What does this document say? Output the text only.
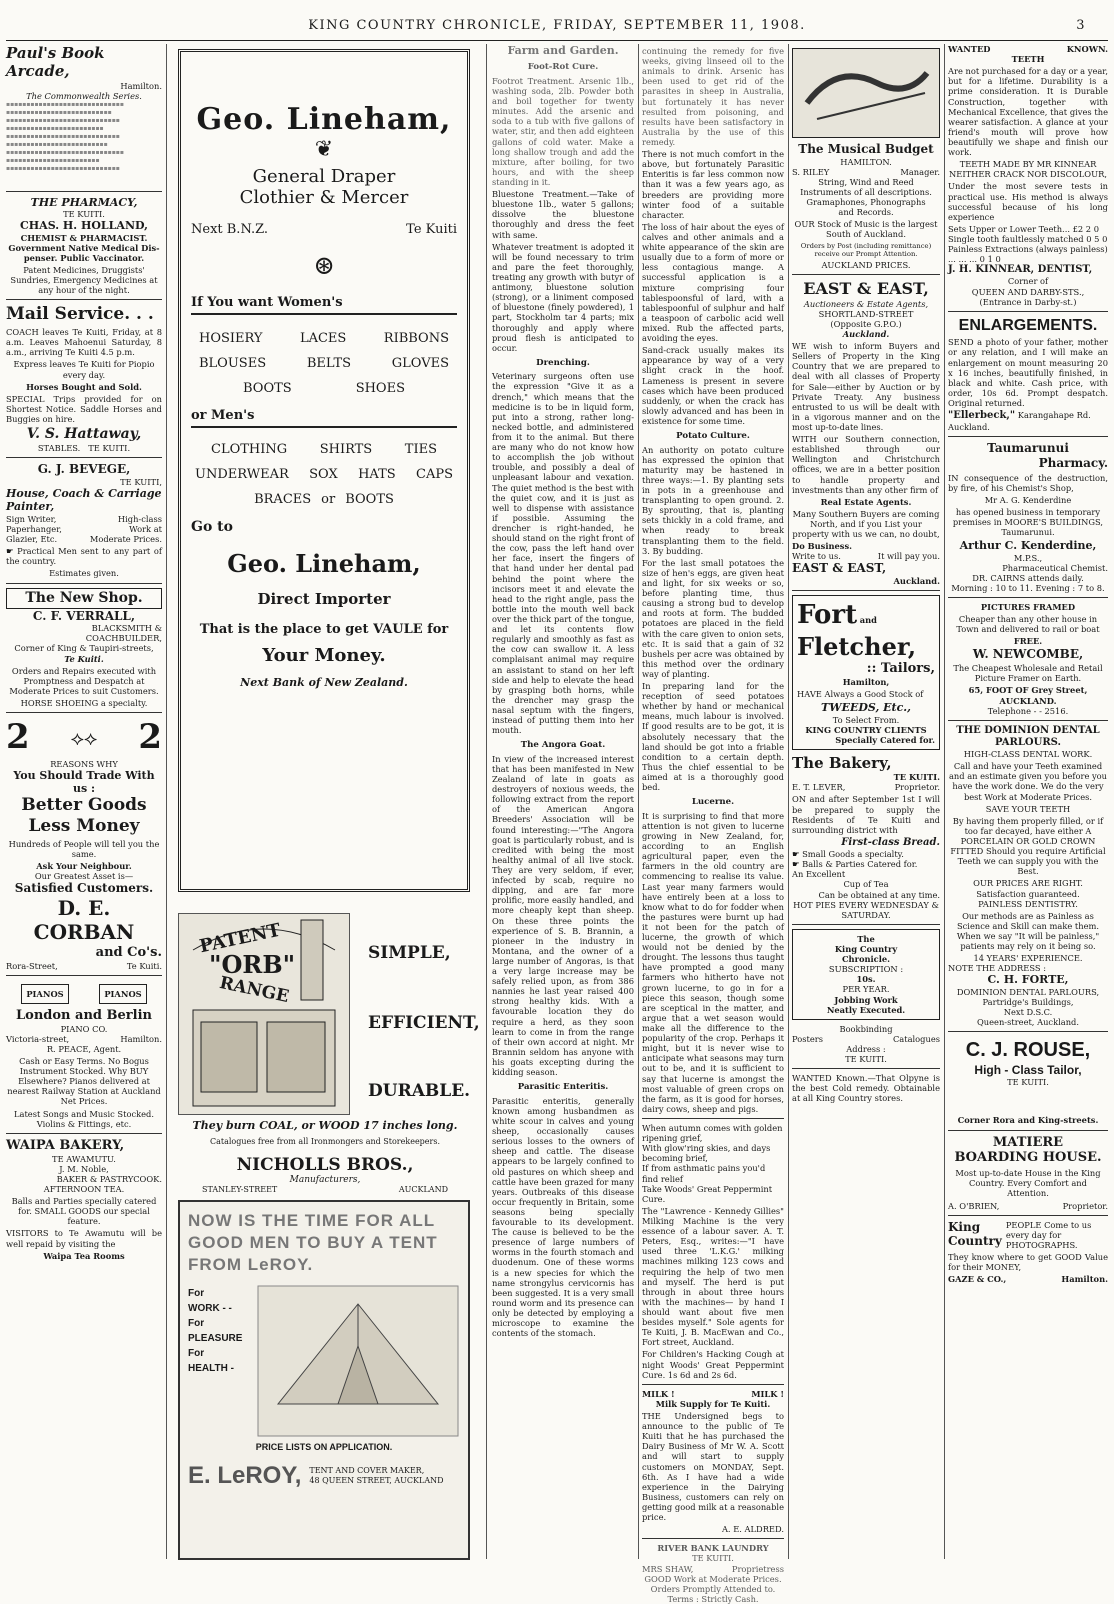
KING COUNTRY CHRONICLE, FRIDAY, SEPTEMBER 11, 1908.	3
Paul's Book Arcade,
Hamilton.
The Commonwealth Series.
▪▪▪▪▪▪▪▪▪▪▪▪▪▪▪▪▪▪▪▪▪▪▪▪▪▪▪▪▪
▪▪▪▪▪▪▪▪▪▪▪▪▪▪▪▪▪▪▪▪▪▪▪▪▪▪
▪▪▪▪▪▪▪▪▪▪▪▪▪▪▪▪▪▪▪▪▪▪▪▪▪▪▪▪
▪▪▪▪▪▪▪▪▪▪▪▪▪▪▪▪▪▪▪▪▪▪▪▪
▪▪▪▪▪▪▪▪▪▪▪▪▪▪▪▪▪▪▪▪▪▪▪▪▪▪▪▪
▪▪▪▪▪▪▪▪▪▪▪▪▪▪▪▪▪▪▪▪▪▪▪▪▪
▪▪▪▪▪▪▪▪▪▪▪▪▪▪▪▪▪▪▪▪▪▪▪▪▪▪▪▪▪
▪▪▪▪▪▪▪▪▪▪▪▪▪▪▪▪▪▪▪▪▪▪▪
▪▪▪▪▪▪▪▪▪▪▪▪▪▪▪▪▪▪▪▪▪▪▪▪▪▪▪▪
THE PHARMACY,
TE KUITI.
CHAS. H. HOLLAND,
CHEMIST & PHARMACIST.
Government Native Medical Dis-
penser. Public Vaccinator.

Patent Medicines, Druggists' Sundries, Emergency Medicines at any hour of the night.

Mail Service. . .

COACH leaves Te Kuiti, Friday, at 8 a.m. Leaves Mahoenui Saturday, 8 a.m., arriving Te Kuiti 4.5 p.m.

Express leaves Te Kuiti for Piopio every day.

Horses Bought and Sold.

SPECIAL Trips provided for on Shortest Notice. Saddle Horses and Buggies on hire.

V. S. Hattaway,
STABLES. TE KUITI.
G. J. BEVEGE,
TE KUITI,
House, Coach & Carriage Painter,
Sign Writer,	High-class
Paperhanger,	Work at
Glazier, Etc.	Moderate Prices.

☛ Practical Men sent to any part of the country.

Estimates given.
The New Shop.
C. F. VERRALL,
BLACKSMITH &
COACHBUILDER,
Corner of King & Taupiri-streets,
Te Kuiti.

Orders and Repairs executed with Promptness and Despatch at Moderate Prices to suit Customers.

HORSE SHOEING a specialty.
2 ⟡⟡ 2
REASONS WHY
You Should Trade With us :
Better Goods
Less Money

Hundreds of People will tell you the same.

Ask Your Neighbour.
Our Greatest Asset is—
Satisfied Customers.
D. E. CORBAN
and Co's.
Rora-Street,	Te Kuiti.
PIANOS	PIANOS
London and Berlin
PIANO CO.
Victoria-street,	Hamilton.
R. PEACE, Agent.

Cash or Easy Terms. No Bogus Instrument Stocked. Why BUY Elsewhere? Pianos delivered at nearest Railway Station at Auckland Net Prices.

Latest Songs and Music Stocked. Violins & Fittings, etc.

WAIPA BAKERY,
TE AWAMUTU.
J. M. Noble,
BAKER & PASTRYCOOK.
AFTERNOON TEA.

Balls and Parties specially catered for. SMALL GOODS our special feature.

VISITORS to Te Awamutu will be well repaid by visiting the

Waipa Tea Rooms
Geo. Lineham,
❦
General Draper
Clothier & Mercer
Next B.N.Z.	Te Kuiti
⊛
If You want Women's
HOSIERY	LACES	RIBBONS
BLOUSES	BELTS	GLOVES
BOOTS	SHOES
or Men's
CLOTHING	SHIRTS	TIES
UNDERWEAR SOX HATS CAPS
BRACES or BOOTS
Go to
Geo. Lineham,
Direct Importer
That is the place to get VAULE for
Your Money.
Next Bank of New Zealand.
PATENT
"ORB"
RANGE
SIMPLE,
EFFICIENT,
DURABLE.
They burn COAL, or WOOD 17 inches long.
Catalogues free from all Ironmongers and Storekeepers.
NICHOLLS BROS.,
Manufacturers,
STANLEY-STREET	AUCKLAND
NOW IS THE TIME FOR ALL GOOD MEN TO BUY A TENT FROM LeROY.
For
WORK - -
For
PLEASURE
For
HEALTH -
PRICE LISTS ON APPLICATION.
E. LeROY, TENT AND COVER MAKER,
48 QUEEN STREET, AUCKLAND
Farm and Garden.
Foot-Rot Cure.

Footrot Treatment. Arsenic 1lb., washing soda, 2lb. Powder both and boil together for twenty minutes. Add the arsenic and soda to a tub with five gallons of water, stir, and then add eighteen gallons of cold water. Make a long shallow trough and add the mixture, after boiling, for two hours, and with the sheep standing in it.

Bluestone Treatment.—Take of bluestone 1lb., water 5 gallons; dissolve the bluestone thoroughly and dress the feet with same.

Whatever treatment is adopted it will be found necessary to trim and pare the feet thoroughly, treating any growth with butyr of antimony, bluestone solution (strong), or a liniment composed of bluestone (finely powdered), 1 part, Stockholm tar 4 parts; mix thoroughly and apply where proud flesh is anticipated to occur.

Drenching.

Veterinary surgeons often use the expression "Give it as a drench," which means that the medicine is to be in liquid form, put into a strong, rather long-necked bottle, and administered from it to the animal. But there are many who do not know how to accomplish the job without trouble, and possibly a deal of unpleasant labour and vexation. The quiet method is the best with the quiet cow, and it is just as well to dispense with assistance if possible. Assuming the drencher is right-handed, he should stand on the right front of the cow, pass the left hand over her face, insert the fingers of that hand under her dental pad behind the point where the incisors meet it and elevate the head to the right angle, pass the bottle into the mouth well back over the thick part of the tongue, and let its contents flow regularly and smoothly as fast as the cow can swallow it. A less complaisant animal may require an assistant to stand on her left side and help to elevate the head by grasping both horns, while the drencher may grasp the nasal septum with the fingers, instead of putting them into her mouth.

The Angora Goat.

In view of the increased interest that has been manifested in New Zealand of late in goats as destroyers of noxious weeds, the following extract from the report of the American Angora Breeders' Association will be found interesting:—"The Angora goat is particularly robust, and is credited with being the most healthy animal of all live stock. They are very seldom, if ever, infected by scab, require no dipping, and are far more prolific, more easily handled, and more cheaply kept than sheep. On these three points the experience of S. B. Brannin, a pioneer in the industry in Montana, and the owner of a large number of Angoras, is that a very large increase may be safely relied upon, as from 386 nannies he last year raised 400 strong healthy kids. With a favourable location they do require a herd, as they soon learn to come in from the range of their own accord at night. Mr Brannin seldom has anyone with his goats excepting during the kidding season.

Parasitic Enteritis.

Parasitic enteritis, generally known among husbandmen as white scour in calves and young sheep, occasionally causes serious losses to the owners of sheep and cattle. The disease appears to be largely confined to old pastures on which sheep and cattle have been grazed for many years. Outbreaks of this disease occur frequently in Britain, some seasons being specially favourable to its development. The cause is believed to be the presence of large numbers of worms in the fourth stomach and duodenum. One of these worms is a new species for which the name strongylus cervicornis has been suggested. It is a very small round worm and its presence can only be detected by employing a microscope to examine the contents of the stomach.

continuing the remedy for five weeks, giving linseed oil to the animals to drink. Arsenic has been used to get rid of the parasites in sheep in Australia, but fortunately it has never resulted from poisoning, and results have been satisfactory in Australia by the use of this remedy.

There is not much comfort in the above, but fortunately Parasitic Enteritis is far less common now than it was a few years ago, as breeders are providing more winter food of a suitable character.

The loss of hair about the eyes of calves and other animals and a white appearance of the skin are usually due to a form of more or less contagious mange. A successful application is a mixture comprising four tablespoonsful of lard, with a tablespoonful of sulphur and half a teaspoon of carbolic acid well mixed. Rub the affected parts, avoiding the eyes.

Sand-crack usually makes its appearance by way of a very slight crack in the hoof. Lameness is present in severe cases which have been produced suddenly, or when the crack has slowly advanced and has been in existence for some time.

Potato Culture.

An authority on potato culture has expressed the opinion that maturity may be hastened in three ways:—1. By planting sets in pots in a greenhouse and transplanting to open ground. 2. By sprouting, that is, planting sets thickly in a cold frame, and when ready to break transplanting them to the field. 3. By budding.

For the last small potatoes the size of hen's eggs, are given heat and light, for six weeks or so, before planting time, thus causing a strong bud to develop and roots at form. The budded potatoes are placed in the field with the care given to onion sets, etc. It is said that a gain of 32 bushels per acre was obtained by this method over the ordinary way of planting.

In preparing land for the reception of seed potatoes whether by hand or mechanical means, much labour is involved. If good results are to be got, it is absolutely necessary that the land should be got into a friable condition to a certain depth. Thus the chief essential to be aimed at is a thoroughly good bed.

Lucerne.

It is surprising to find that more attention is not given to lucerne growing in New Zealand, for, according to an English agricultural paper, even the farmers in the old country are commencing to realise its value. Last year many farmers would have entirely been at a loss to know what to do for fodder when the pastures were burnt up had it not been for the patch of lucerne, the growth of which would not be denied by the drought. The lessons thus taught have prompted a good many farmers who hitherto have not grown lucerne, to go in for a piece this season, though some are sceptical in the matter, and argue that a wet season would make all the difference to the popularity of the crop. Perhaps it might, but it is never wise to anticipate what seasons may turn out to be, and it is sufficient to say that lucerne is amongst the most valuable of green crops on the farm, as it is good for horses, dairy cows, sheep and pigs.

When autumn comes with golden ripening grief,
With glow'ring skies, and days becoming brief,
If from asthmatic pains you'd find relief
Take Woods' Great Peppermint Cure.

The "Lawrence - Kennedy Gillies" Milking Machine is the very essence of a labour saver. A. T. Peters, Esq., writes:—"I have used three 'L.K.G.' milking machines milking 123 cows and requiring the help of two men and myself. The herd is put through in about three hours with the machines— by hand I should want about five men besides myself." Sole agents for Te Kuiti, J. B. MacEwan and Co., Fort street, Auckland.

For Children's Hacking Cough at night Woods' Great Peppermint Cure. 1s 6d and 2s 6d.

MILK !	MILK !
Milk Supply for Te Kuiti.

THE Undersigned begs to announce to the public of Te Kuiti that he has purchased the Dairy Business of Mr W. A. Scott and will start to supply customers on MONDAY, Sept. 6th. As I have had a wide experience in the Dairying Business, customers can rely on getting good milk at a reasonable price.

A. E. ALDRED.
RIVER BANK LAUNDRY
TE KUITI.
MRS SHAW,	Proprietress
GOOD Work at Moderate Prices.
Orders Promptly Attended to.
Terms : Strictly Cash.
The Musical Budget
HAMILTON.
S. RILEY	Manager.
String, Wind and Reed
Instruments of all descriptions.
Gramaphones, Phonographs
and Records.

OUR Stock of Music is the largest South of Auckland.

Orders by Post (including remittance) receive our Prompt Attention.

AUCKLAND PRICES.
EAST & EAST,
Auctioneers & Estate Agents,
SHORTLAND-STREET
(Opposite G.P.O.)
Auckland.

WE wish to inform Buyers and Sellers of Property in the King Country that we are prepared to deal with all classes of Property for Sale—either by Auction or by Private Treaty. Any business entrusted to us will be dealt with in a vigorous manner and on the most up-to-date lines.

WITH our Southern connection, established through our Wellington and Christchurch offices, we are in a better position to handle property and investments than any other firm of

Real Estate Agents.

Many Southern Buyers are coming North, and if you List your property with us we can, no doubt,

Do Business.
Write to us.	It will pay you.
EAST & EAST,
Auckland.
Fort and
Fletcher,
:: Tailors,
Hamilton,

HAVE Always a Good Stock of

TWEEDS, Etc.,
To Select From.
KING COUNTRY CLIENTS
Specially Catered for.
The Bakery,
TE KUITI.
E. T. LEVER,	Proprietor.

ON and after September 1st I will be prepared to supply the Residents of Te Kuiti and surrounding district with

First-class Bread.
☛ Small Goods a specialty.
☛ Balls & Parties Catered for.
An Excellent
Cup of Tea
Can be obtained at any time.
HOT PIES EVERY WEDNESDAY & SATURDAY.
The
King Country
Chronicle.
SUBSCRIPTION :
10s.
PER YEAR.
Jobbing Work
Neatly Executed.
Bookbinding
Posters	Catalogues
Address :
TE KUITI.

WANTED Known.—That Olpyne is the best Cold remedy. Obtainable at all King Country stores.

WANTED	KNOWN.
TEETH

Are not purchased for a day or a year, but for a lifetime. Durability is a prime consideration. It is Durable Construction, together with Mechanical Excellence, that gives the wearer satisfaction. A glance at your friend's mouth will prove how beautifully we shape and finish our work.

TEETH MADE BY MR KINNEAR NEITHER CRACK NOR DISCOLOUR,

Under the most severe tests in practical use. His method is always successful because of his long experience

Sets Upper or Lower Teeth... £2 2 0
Single tooth faultlessly matched 0 5 0
Painless Extractions (always painless) ... ... ... 0 1 0
J. H. KINNEAR, DENTIST,
Corner of
QUEEN AND DARBY-STS.,
(Entrance in Darby-st.)
ENLARGEMENTS.

SEND a photo of your father, mother or any relation, and I will make an enlargement on mount measuring 20 x 16 inches, beautifully finished, in black and white. Cash price, with order, 10s 6d. Prompt despatch. Original returned.

"Ellerbeck," Karangahape Rd. Auckland.
Taumarunui
Pharmacy.

IN consequence of the destruction, by fire, of his Chemist's Shop,

Mr A. G. Kenderdine

has opened business in temporary premises in MOORE'S BUILDINGS, Taumarunui.

Arthur C. Kenderdine,
M.P.S.,
Pharmaceutical Chemist.
DR. CAIRNS attends daily.
Morning : 10 to 11. Evening : 7 to 8.
PICTURES FRAMED

Cheaper than any other house in Town and delivered to rail or boat

FREE.
W. NEWCOMBE,

The Cheapest Wholesale and Retail Picture Framer on Earth.

65, FOOT OF Grey Street, AUCKLAND.
Telephone - - 2516.
THE DOMINION DENTAL PARLOURS.
HIGH-CLASS DENTAL WORK.

Call and have your Teeth examined and an estimate given you before you have the work done. We do the very best Work at Moderate Prices.

SAVE YOUR TEETH

By having them properly filled, or if too far decayed, have either A PORCELAIN OR GOLD CROWN FITTED Should you require Artificial Teeth we can supply you with the Best.

OUR PRICES ARE RIGHT.
Satisfaction guaranteed.
PAINLESS DENTISTRY.

Our methods are as Painless as Science and Skill can make them. When we say "It will be painless," patients may rely on it being so.

14 YEARS' EXPERIENCE.
NOTE THE ADDRESS :
C. H. FORTE,
DOMINION DENTAL PARLOURS,
Partridge's Buildings,
Next D.S.C.
Queen-street, Auckland.
C. J. ROUSE,
High - Class Tailor,
TE KUITI.
Corner Rora and King-streets.
MATIERE
BOARDING HOUSE.

Most up-to-date House in the King Country. Every Comfort and Attention.

A. O'BRIEN,	Proprietor.
King
Country
PEOPLE Come to us every day for PHOTOGRAPHS.

They know where to get GOOD Value for their MONEY,

GAZE & CO.,	Hamilton.
